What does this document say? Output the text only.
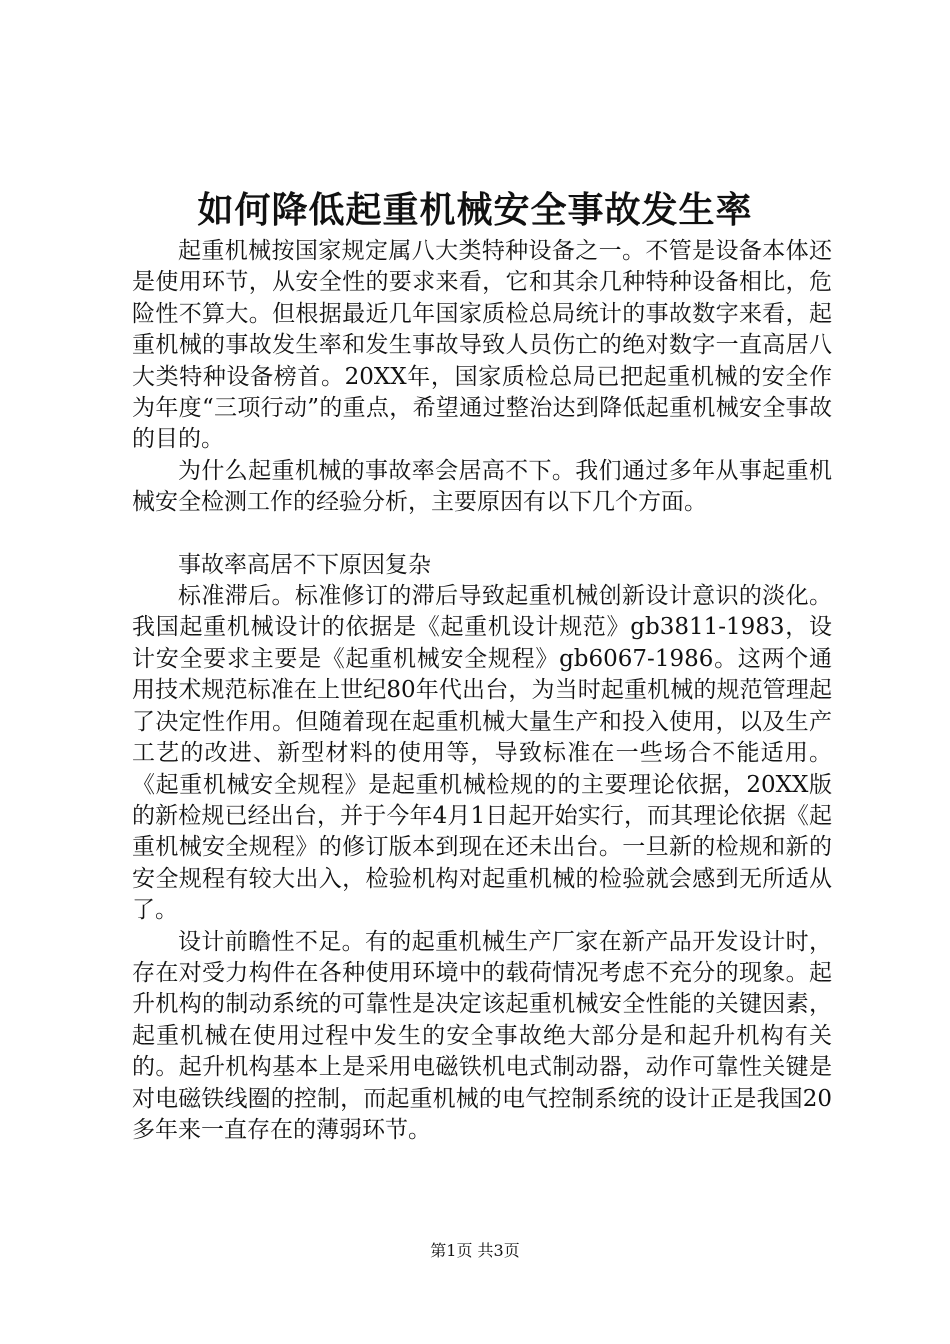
如何降低起重机械安全事故发生率

起重机械按国家规定属八大类特种设备之一。不管是设备本体还是使用环节，从安全性的要求来看，它和其余几种特种设备相比，危险性不算大。但根据最近几年国家质检总局统计的事故数字来看，起重机械的事故发生率和发生事故导致人员伤亡的绝对数字一直高居八大类特种设备榜首。20XX年，国家质检总局已把起重机械的安全作为年度“三项行动”的重点，希望通过整治达到降低起重机械安全事故的目的。

为什么起重机械的事故率会居高不下。我们通过多年从事起重机械安全检测工作的经验分析，主要原因有以下几个方面。

事故率高居不下原因复杂

标准滞后。标准修订的滞后导致起重机械创新设计意识的淡化。我国起重机械设计的依据是《起重机设计规范》gb3811-1983，设计安全要求主要是《起重机械安全规程》gb6067-1986。这两个通用技术规范标准在上世纪80年代出台，为当时起重机械的规范管理起了决定性作用。但随着现在起重机械大量生产和投入使用，以及生产工艺的改进、新型材料的使用等，导致标准在一些场合不能适用。《起重机械安全规程》是起重机械检规的的主要理论依据，20XX版的新检规已经出台，并于今年4月1日起开始实行，而其理论依据《起重机械安全规程》的修订版本到现在还未出台。一旦新的检规和新的安全规程有较大出入，检验机构对起重机械的检验就会感到无所适从了。

设计前瞻性不足。有的起重机械生产厂家在新产品开发设计时，存在对受力构件在各种使用环境中的载荷情况考虑不充分的现象。起升机构的制动系统的可靠性是决定该起重机械安全性能的关键因素，起重机械在使用过程中发生的安全事故绝大部分是和起升机构有关的。起升机构基本上是采用电磁铁机电式制动器，动作可靠性关键是对电磁铁线圈的控制，而起重机械的电气控制系统的设计正是我国20多年来一直存在的薄弱环节。

第1页 共3页
